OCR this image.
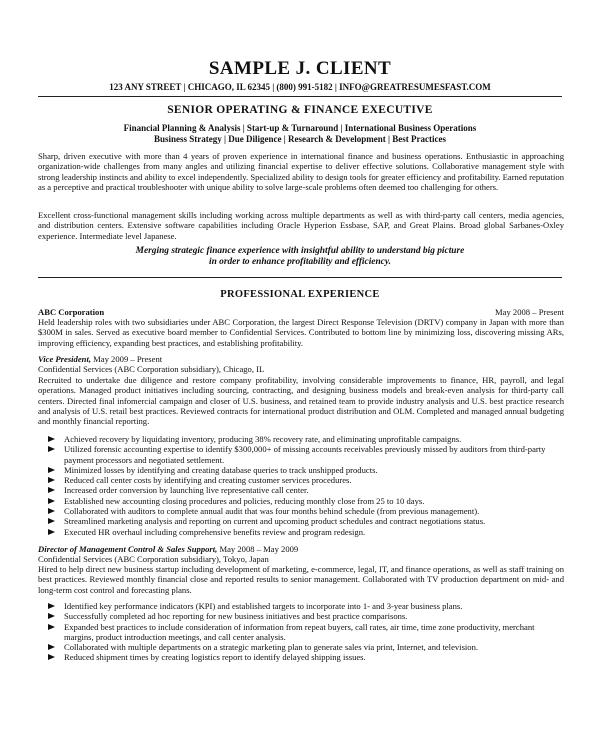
SAMPLE J. CLIENT
123 ANY STREET | CHICAGO, IL 62345 | (800) 991-5182 | INFO@GREATRESUMESFAST.COM
SENIOR OPERATING & FINANCE EXECUTIVE
Financial Planning & Analysis | Start-up & Turnaround | International Business Operations
Business Strategy | Due Diligence | Research & Development | Best Practices

Sharp, driven executive with more than 4 years of proven experience in international finance and business operations. Enthusiastic in approaching organization-wide challenges from many angles and utilizing financial expertise to deliver effective solutions. Collaborative management style with strong leadership instincts and ability to excel independently. Specialized ability to design tools for greater efficiency and profitability. Earned reputation as a perceptive and practical troubleshooter with unique ability to solve large-scale problems often deemed too challenging for others.

Excellent cross-functional management skills including working across multiple departments as well as with third-party call centers, media agencies, and distribution centers. Extensive software capabilities including Oracle Hyperion Essbase, SAP, and Great Plains. Broad global Sarbanes-Oxley experience. Intermediate level Japanese.

Merging strategic finance experience with insightful ability to understand big picture
in order to enhance profitability and efficiency.
PROFESSIONAL EXPERIENCE
ABC Corporation	May 2008 – Present

Held leadership roles with two subsidiaries under ABC Corporation, the largest Direct Response Television (DRTV) company in Japan with more than $300M in sales. Served as executive board member to Confidential Services. Contributed to bottom line by minimizing loss, discovering missing ARs, improving efficiency, expanding best practices, and establishing profitability.

Vice President, May 2009 – Present
Confidential Services (ABC Corporation subsidiary), Chicago, IL

Recruited to undertake due diligence and restore company profitability, involving considerable improvements to finance, HR, payroll, and legal operations. Managed product initiatives including sourcing, contracting, and designing business models and break-even analysis for third-party call centers. Directed final infomercial campaign and closer of U.S. business, and retained team to provide industry analysis and U.S. best practice research and analysis of U.S. retail best practices. Reviewed contracts for international product distribution and OLM. Completed and managed annual budgeting and monthly financial reporting.

Achieved recovery by liquidating inventory, producing 38% recovery rate, and eliminating unprofitable campaigns.
Utilized forensic accounting expertise to identify $300,000+ of missing accounts receivables previously missed by auditors from third-party payment processors and negotiated settlement.
Minimized losses by identifying and creating database queries to track unshipped products.
Reduced call center costs by identifying and creating customer services procedures.
Increased order conversion by launching live representative call center.
Established new accounting closing procedures and policies, reducing monthly close from 25 to 10 days.
Collaborated with auditors to complete annual audit that was four months behind schedule (from previous management).
Streamlined marketing analysis and reporting on current and upcoming product schedules and contract negotiations status.
Executed HR overhaul including comprehensive benefits review and program redesign.
Director of Management Control & Sales Support, May 2008 – May 2009
Confidential Services (ABC Corporation subsidiary), Tokyo, Japan

Hired to help direct new business startup including development of marketing, e-commerce, legal, IT, and finance operations, as well as staff training on best practices. Reviewed monthly financial close and reported results to senior management. Collaborated with TV production department on mid- and long-term cost control and forecasting plans.

Identified key performance indicators (KPI) and established targets to incorporate into 1- and 3-year business plans.
Successfully completed ad hoc reporting for new business initiatives and best practice comparisons.
Expanded best practices to include consideration of information from repeat buyers, call rates, air time, time zone productivity, merchant margins, product introduction meetings, and call center analysis.
Collaborated with multiple departments on a strategic marketing plan to generate sales via print, Internet, and television.
Reduced shipment times by creating logistics report to identify delayed shipping issues.
